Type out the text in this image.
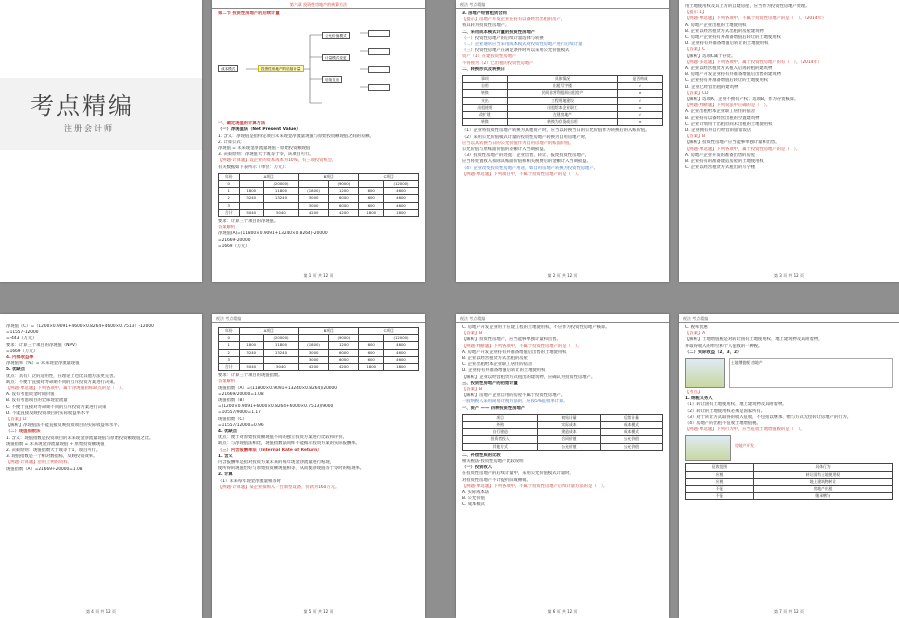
考点精编
注册会计师
第六章 投资性房地产的核算方法

第二节 投资性房地产的后续计量

成本模式	投资性房地产的后续计量
公允价值模式
计量模式变更
后续支出

一、确定现值的计算方法

（一）净现值法（Net Present Value）

1. 含义：净现值是指特定项目未来现金净流量现值与原始投资额现值之间的差额。

2. 计算公式：

净现值 = 未来现金净流量现值 - 原始投资额现值

3. 决策原则：净现值大于或等于零，该项目可行。

【例题·计算题】设企业的资本成本为10%，有三项投资机会，

有关数据如下表所示（单位：万元）：

年份	A项目		B项目		C项目	
0		(20000)		(9000)		(12000)
1	1800	11800	(1800)	1200	600	4600
2	3240	13240	3000	6000	600	4600
3			3000	6000	600	4600
合计	5040	5040	4200	4200	1800	1800

要求：计算三个项目的净现值。

答案解析

净现值(A)=(11800×0.9091+13240×0.8264)-20000

=21669-20000

=1669（万元）

第 1 页 共 12 页
税法 考点精编

3. 房地产经营租赁合同

【提示】房地产开发企业在持有以备经营出租的房产，

将其转为投资性房地产。

二、采用成本模式计量的投资性房地产

（一）投资性房地产的后续计量选择与转换

（二）企业通常应当采用成本模式对投资性房地产进行后续计量

（三）投资性房地产在满足条件时可以采用公允价值模式

资产（1）在建投资性房地产

不得视为（2）已出租的投资性房地产

二、转换形式及转换日

事项	具体情况	是否构成
自用	出租写字楼	√
转换	民间非营利组织出租房产	×
支出	工程用地建设	√
出租使用	出租给本企业职工	×
改扩建	在建房地产	√
转换	转换为存货或自用	×

（1）企业将投资性房地产转换为其他资产时，应当以转换当日的公允价值作为转换后的入账价值。

（2）采用公允价值模式计量的投资性房地产转换为自用房地产时，

应当以其转换当日的公允价值作为自用房地产的账面价值。

公允价值与原账面价值的差额计入当期损益。

（3）投资性房地产的处置：企业出售、转让、报废投资性房地产，

应当将处置收入扣除其账面价值和相关税费后的金额计入当期损益。

（4）企业改变投资性房地产用途，如自用房地产转换为投资性房地产。

【例题·单选题】下列项目中，不属于投资性房地产的是（　）。

第 2 页 共 12 页

用土地使用权及其上方的自建房屋，应当作为投资性房地产处理。

【提示 1】

【例题·单选题】下列各项中，不属于投资性房地产的是（　）。（2014年）

A. 房地产企业出租的土地使用权

B. 企业以经营租赁方式出租的房屋建筑物

C. 房地产企业持有并准备增值后转让的土地使用权

D. 企业持有并准备增值后转让的土地使用权

【答案】C

【解析】选项C属于存货。

【例题·多选题】下列各项中，属于投资性房地产的有（　）。（2014年）

A. 企业以经营租赁方式租入后再转租的建筑物

B. 房地产开发企业持有并准备增值后出售的建筑物

C. 企业持有并准备增值后转让的土地使用权

D. 企业已经营出租的建筑物

【答案】CD

【解析】选项A，企业不拥有产权；选项B，作为存货核算。

【例题·判断题】下列说法中正确的是（　）。

A. 企业出租给本企业职工居住的宿舍

B. 企业持有以备经营出租的空置建筑物

C. 企业计划用于出租但尚未出租的土地使用权

D. 企业拥有并自行经营的旅馆饭店

【答案】B

【解析】投资性房地产应当能够单独计量和出售。

【例题·单选题】下列各项中，属于投资性房地产的是（　）。

A. 房地产企业开发的准备出售的房屋

B. 企业持有的准备建造房屋的土地使用权

C. 企业以经营租赁方式租出的写字楼

第 3 页 共 12 页

净现值（C）=（1200×0.9091+4600×0.8264+4600×0.7513）-12000

=11557-12000

=-443（万元）

要求：计算三个项目的净现值（NPV）

=1669（万元）

4. 内部收益率

净现值率（%）= 未来现金净流量现值

5. 优缺点

优点：具有广泛的适用性，在理论上也比其他方法更完善。

缺点：不便于直接对寿命期不同的互斥投资方案进行决策。

【例题·单选题】下列各项中，属于净现值指标缺点的是（　）。

A. 没有考虑资金时间价值

B. 没有考虑项目的全部现金流量

C. 不便于直接对寿命期不同的互斥投资方案进行决策

D. 不能直接反映投资项目的实际收益率水平

【答案】D

【解析】净现值法不能直接反映投资项目的实际收益率水平。

（二）现值指数法

1. 含义：现值指数是投资项目的未来现金净流量现值与原始投资额现值之比。

现值指数 = 未来现金净流量现值 ÷ 原始投资额现值

2. 决策原则：现值指数大于或等于1，项目可行。

3. 现值指数是一个相对数指标，反映投资效率。

【例题·计算题】沿用上例的资料。

现值指数（A）=21669÷20000=1.08

第 4 页 共 12 页
税法 考点精编
年份	A项目		B项目		C项目	
0		(20000)		(9000)		(12000)
1	1800	11800	(1800)	1200	600	4600
2	3240	13240	3000	6000	600	4600
3			3000	6000	600	4600
合计	5040	5040	4200	4200	1800	1800

要求：计算三个项目的现值指数。

答案解析

现值指数（A）=(11800×0.9091+13240×0.8264)/20000

=21669/20000=1.08

现值指数（B）

=(1200×0.9091+6000×0.8264+6000×0.7513)/9000

=10557/9000=1.17

现值指数（C）

=11557/12000=0.96

4. 优缺点

优点：便于对原始投资额现值不同的独立投资方案进行比较和评价。

缺点：与净现值法相比，现值指数法同样不能揭示投资方案的实际报酬率。

（三）内含报酬率法（Internal Rate of Return）

1. 含义

内含报酬率是指对投资方案未来的每年现金净流量进行贴现，

使所得的现值恰好与原始投资额现值相等，从而使净现值等于零时的贴现率。

2. 计算

（1）未来每年现金净流量相等时

【例题·计算题】某企业拟购入一台新型设备，价款为160万元。

第 5 页 共 12 页
税法 考点精编

C. 房地产开发企业用于在建工程的土地使用权，不应作为投资性房地产核算。

【答案】B

【解析】投资性房地产，应当能够单独计量和出售。

【例题·判断题】下列各项中，不属于投资性房地产的是（　）。

A. 房地产开发企业持有并准备增值后出售的土地使用权

B. 企业以经营租赁方式出租的房屋

C. 企业出租给本企业职工居住的宿舍

D. 企业持有并准备增值后转让的土地使用权

【解析】企业以经营租赁方式租出的建筑物，应确认为投资性房地产。

三、投资性房地产的初始计量

【答案】B

【解析】房地产企业自用的房屋不属于投资性房地产。

一般纳税人采用简易计税方法的，应按5%征收率计算。

一、资产 —— 四种投资性房地产

项目	初始计量	后续计量
外购	实际成本	成本模式
自行建造	建造成本	成本模式
投资者投入	合同价值	公允价值
其他方式	公允价值	公允价值

二、补偿性质的比较

相关税法·投资性房地产比较说明

（一）投资收入

在投资性房地产的后续计量中，采用公允价值模式计量时，

对投资性房地产不计提折旧或摊销。

【例题·单选题】下列各项中，不属于投资性房地产后续计量方法的是（　）。

A. 实际成本法

B. 公允价值

C. 成本模式

第 6 页 共 12 页
税法 考点精编

C. 税率优惠

【答案】A

【解析】土地增值税是对转让国有土地使用权、地上建筑物及其附着物，

并取得收入的单位和个人征收的一种税。

（二）实际收益（2，3，2）

土地增值税 房地产

【考点】

1. 纳税义务人

（1）转让国有土地使用权、地上建筑物及其附着物。

（2）转让的土地使用权必须是国家所有。

（3）对于转让方式取得的收入征收，不包括以继承、赠与方式无偿转让房地产的行为。

（4）房地产的出租不征收土地增值税。

【例题·单选题】下列行为中，应当征收土地增值税的是（　）。

房地产开发
征收范围	具体行为
应税	转让国有土地使用权
应税	地上建筑物转让
不征	房地产出租
不征	继承赠与
第 7 页 共 12 页
